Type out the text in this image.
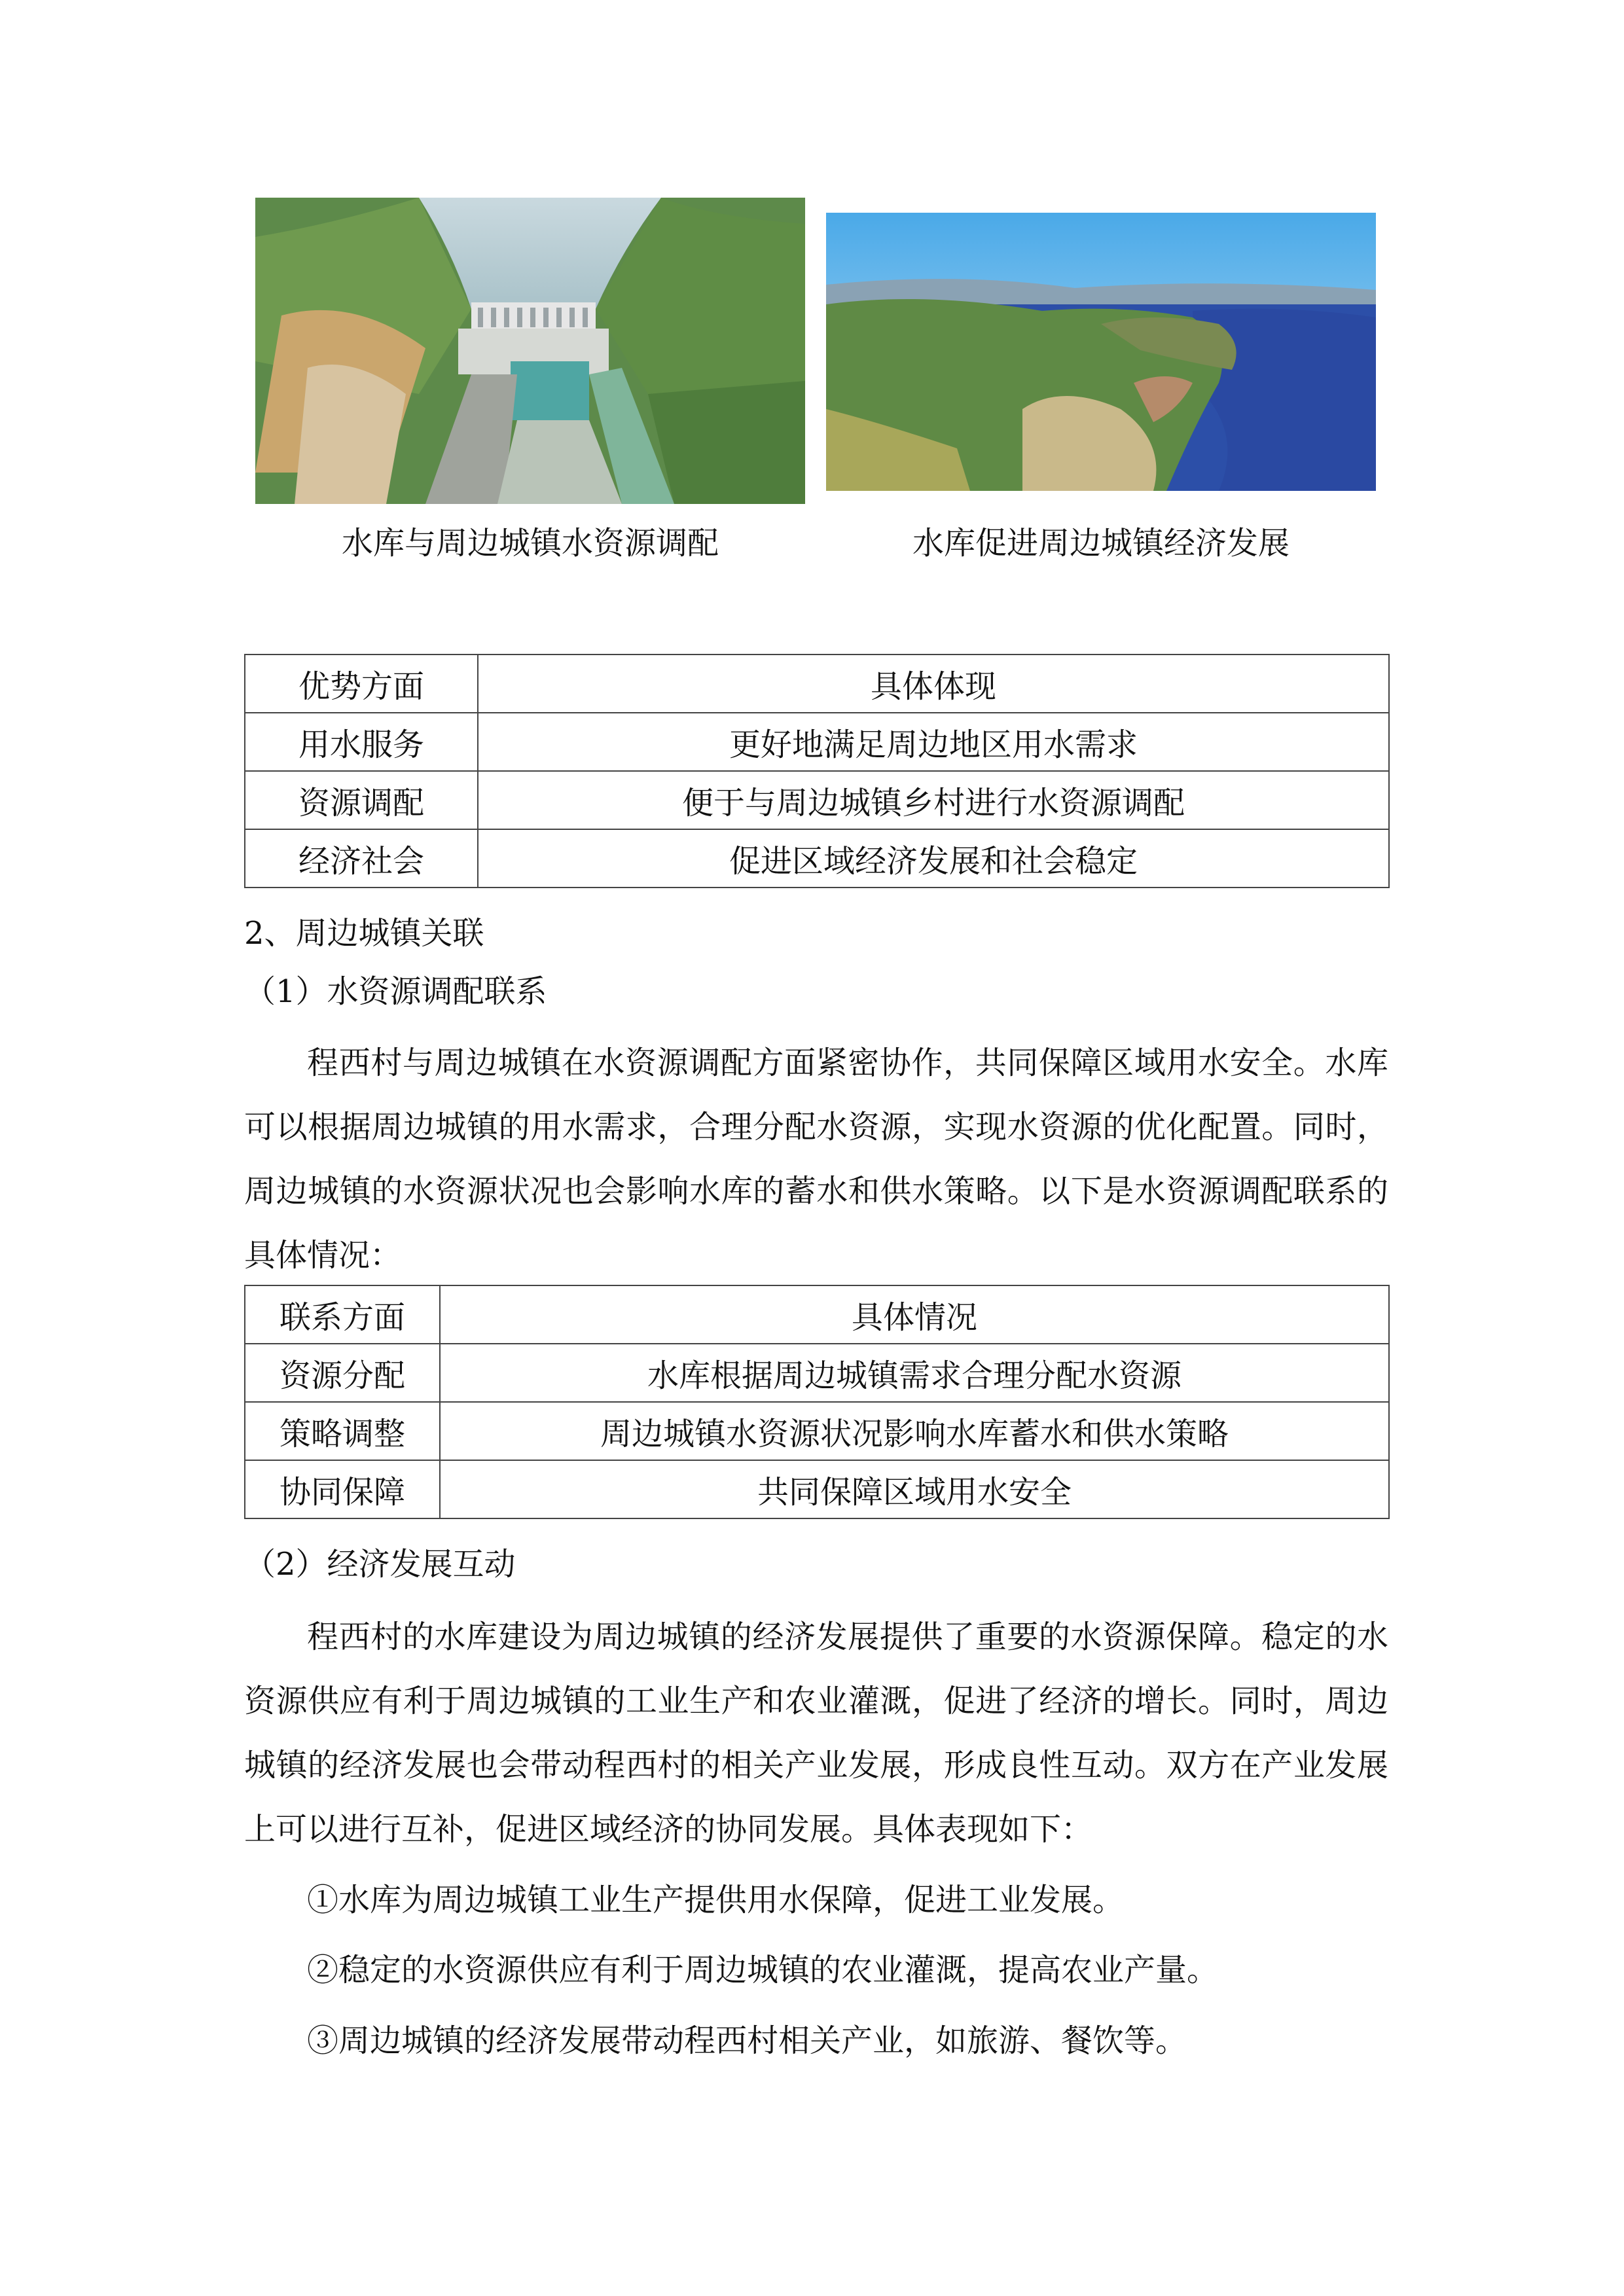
水库与周边城镇水资源调配	水库促进周边城镇经济发展
优势方面	具体体现
用水服务	更好地满足周边地区用水需求
资源调配	便于与周边城镇乡村进行水资源调配
经济社会	促进区域经济发展和社会稳定
2、周边城镇关联
（1）水资源调配联系
程西村与周边城镇在水资源调配方面紧密协作，共同保障区域用水安全。水库可以根据周边城镇的用水需求，合理分配水资源，实现水资源的优化配置。同时，周边城镇的水资源状况也会影响水库的蓄水和供水策略。以下是水资源调配联系的具体情况：
联系方面	具体情况
资源分配	水库根据周边城镇需求合理分配水资源
策略调整	周边城镇水资源状况影响水库蓄水和供水策略
协同保障	共同保障区域用水安全
（2）经济发展互动
程西村的水库建设为周边城镇的经济发展提供了重要的水资源保障。稳定的水资源供应有利于周边城镇的工业生产和农业灌溉，促进了经济的增长。同时，周边城镇的经济发展也会带动程西村的相关产业发展，形成良性互动。双方在产业发展上可以进行互补，促进区域经济的协同发展。具体表现如下：
①水库为周边城镇工业生产提供用水保障，促进工业发展。
②稳定的水资源供应有利于周边城镇的农业灌溉，提高农业产量。
③周边城镇的经济发展带动程西村相关产业，如旅游、餐饮等。
